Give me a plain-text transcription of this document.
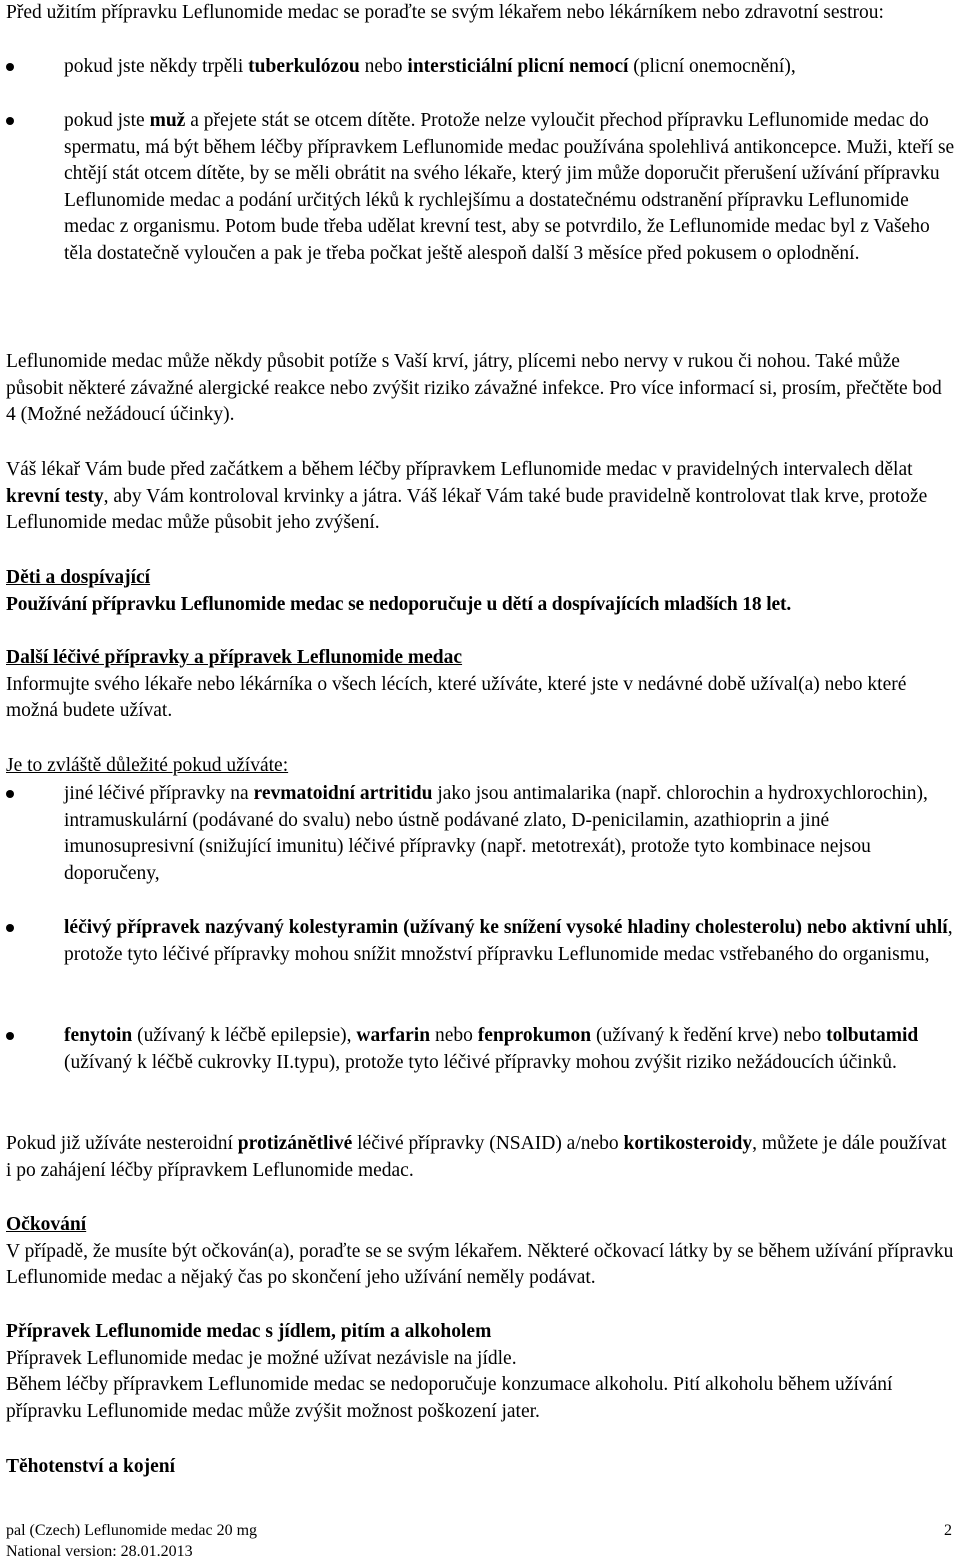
Před užitím přípravku Leflunomide medac se poraďte se svým lékařem nebo lékárníkem nebo zdravotní sestrou:

pokud jste někdy trpěli tuberkulózou nebo intersticiální plicní nemocí (plicní onemocnění),

pokud jste muž a přejete stát se otcem dítěte. Protože nelze vyloučit přechod přípravku Leflunomide medac do spermatu, má být během léčby přípravkem Leflunomide medac používána spolehlivá antikoncepce. Muži, kteří se chtějí stát otcem dítěte, by se měli obrátit na svého lékaře, který jim může doporučit přerušení užívání přípravku Leflunomide medac a podání určitých léků k rychlejšímu a dostatečnému odstranění přípravku Leflunomide medac z organismu. Potom bude třeba udělat krevní test, aby se potvrdilo, že Leflunomide medac byl z Vašeho těla dostatečně vyloučen a pak je třeba počkat ještě alespoň další 3 měsíce před pokusem o oplodnění.

Leflunomide medac může někdy působit potíže s Vaší krví, játry, plícemi nebo nervy v rukou či nohou. Také může působit některé závažné alergické reakce nebo zvýšit riziko závažné infekce. Pro více informací si, prosím, přečtěte bod 4 (Možné nežádoucí účinky).

Váš lékař Vám bude před začátkem a během léčby přípravkem Leflunomide medac v pravidelných intervalech dělat krevní testy, aby Vám kontroloval krvinky a játra. Váš lékař Vám také bude pravidelně kontrolovat tlak krve, protože Leflunomide medac může působit jeho zvýšení.

Děti a dospívající

Používání přípravku Leflunomide medac se nedoporučuje u dětí a dospívajících mladších 18 let.

Další léčivé přípravky a přípravek Leflunomide medac

Informujte svého lékaře nebo lékárníka o všech lécích, které užíváte, které jste v nedávné době užíval(a) nebo které možná budete užívat.

Je to zvláště důležité pokud užíváte:

jiné léčivé přípravky na revmatoidní artritidu jako jsou antimalarika (např. chlorochin a hydroxychlorochin), intramuskulární (podávané do svalu) nebo ústně podávané zlato, D-penicilamin, azathioprin a jiné imunosupresivní (snižující imunitu) léčivé přípravky (např. metotrexát), protože tyto kombinace nejsou doporučeny,

léčivý přípravek nazývaný kolestyramin (užívaný ke snížení vysoké hladiny cholesterolu) nebo aktivní uhlí, protože tyto léčivé přípravky mohou snížit množství přípravku Leflunomide medac vstřebaného do organismu,

fenytoin (užívaný k léčbě epilepsie), warfarin nebo fenprokumon (užívaný k ředění krve) nebo tolbutamid (užívaný k léčbě cukrovky II.typu), protože tyto léčivé přípravky mohou zvýšit riziko nežádoucích účinků.

Pokud již užíváte nesteroidní protizánětlivé léčivé přípravky (NSAID) a/nebo kortikosteroidy, můžete je dále používat i po zahájení léčby přípravkem Leflunomide medac.

Očkování

V případě, že musíte být očkován(a), poraďte se se svým lékařem. Některé očkovací látky by se během užívání přípravku Leflunomide medac a nějaký čas po skončení jeho užívání neměly podávat.

Přípravek Leflunomide medac s jídlem, pitím a alkoholem

Přípravek Leflunomide medac je možné užívat nezávisle na jídle.

Během léčby přípravkem Leflunomide medac se nedoporučuje konzumace alkoholu. Pití alkoholu během užívání přípravku Leflunomide medac může zvýšit možnost poškození jater.

Těhotenství a kojení

pal (Czech) Leflunomide medac 20 mg	2
National version: 28.01.2013
